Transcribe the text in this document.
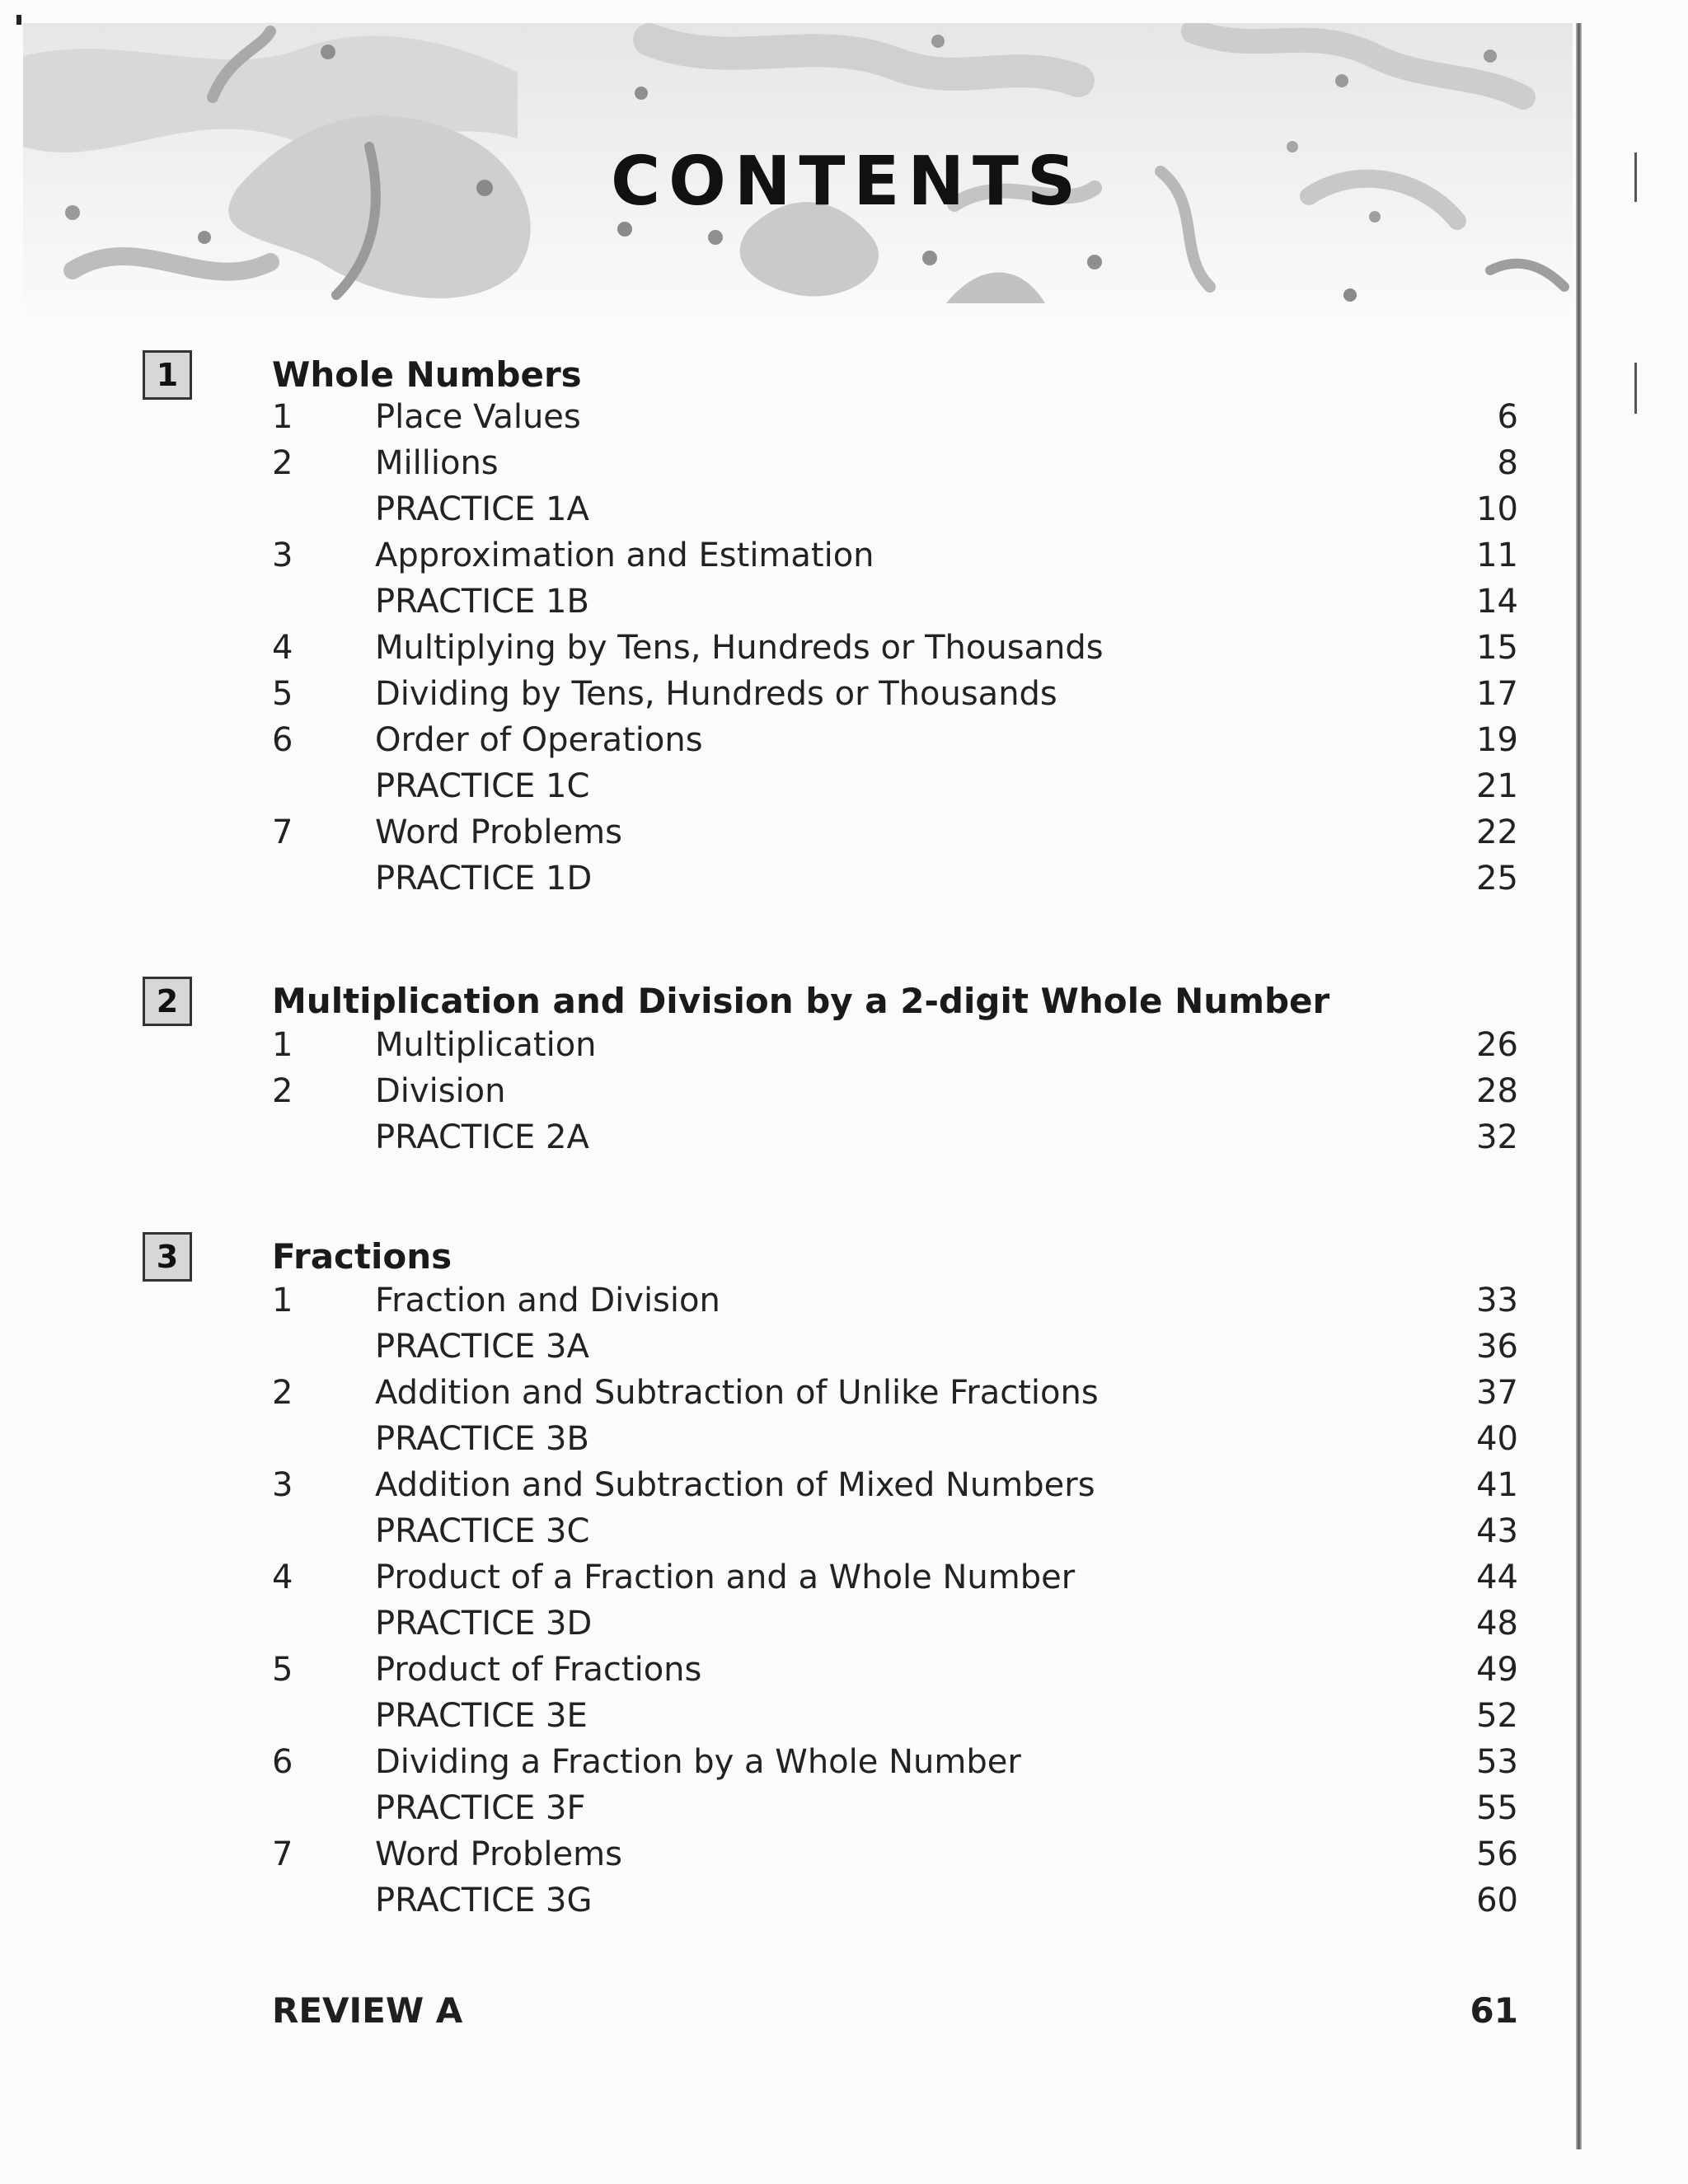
CONTENTS
1	Whole Numbers
1 Place Values	6
2 Millions	8
PRACTICE 1A	10
3 Approximation and Estimation	11
PRACTICE 1B	14
4 Multiplying by Tens, Hundreds or Thousands	15
5 Dividing by Tens, Hundreds or Thousands	17
6 Order of Operations	19
PRACTICE 1C	21
7 Word Problems	22
PRACTICE 1D	25
2	Multiplication and Division by a 2-digit Whole Number
1 Multiplication	26
2 Division	28
PRACTICE 2A	32
3	Fractions
1 Fraction and Division	33
PRACTICE 3A	36
2 Addition and Subtraction of Unlike Fractions	37
PRACTICE 3B	40
3 Addition and Subtraction of Mixed Numbers	41
PRACTICE 3C	43
4 Product of a Fraction and a Whole Number	44
PRACTICE 3D	48
5 Product of Fractions	49
PRACTICE 3E	52
6 Dividing a Fraction by a Whole Number	53
PRACTICE 3F	55
7 Word Problems	56
PRACTICE 3G	60
REVIEW A	61
